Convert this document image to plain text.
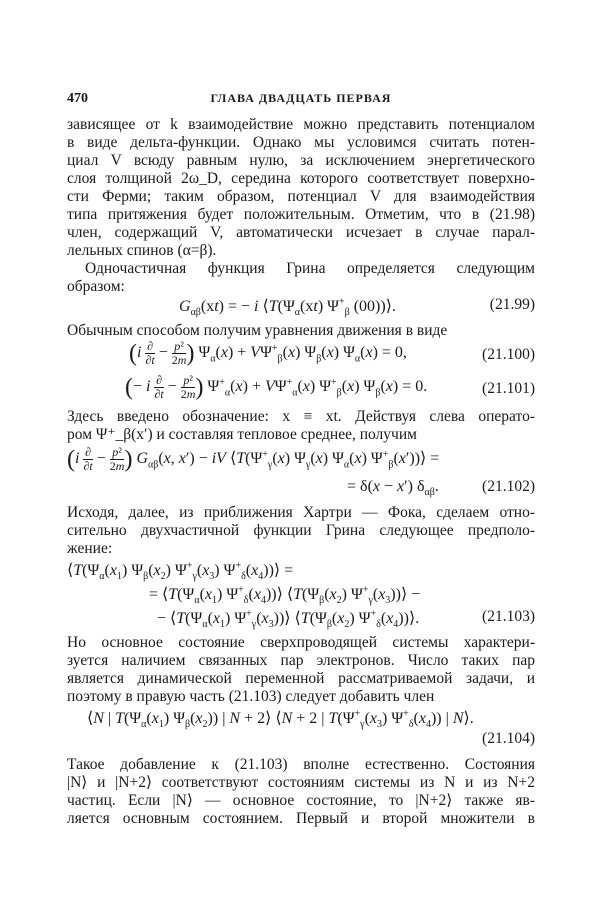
470	ГЛАВА ДВАДЦАТЬ ПЕРВАЯ
зависящее от k взаимодействие можно представить потенциалом
в виде дельта-функции. Однако мы условимся считать потен-
циал V всюду равным нулю, за исключением энергетического
слоя толщиной 2ω_D, середина которого соответствует поверхно-
сти Ферми; таким образом, потенциал V для взаимодействия
типа притяжения будет положительным. Отметим, что в (21.98)
член, содержащий V, автоматически исчезает в случае парал-
лельных спинов (α=β).
Одночастичная функция Грина определяется следующим
образом:
$G_{\alpha\beta}(xt)$ = − i $⟨T(\Psi_\alpha(xt)$ $\Psi^+_\beta$ (00))⟩.	(21.99)
Обычным способом получим уравнения движения в виде
($i \frac{\partial}{\partial t} - \frac{\text{p²}}{2m}$ ) $\Psi_\alpha(x) + V\Psi^+_\beta(x)$ $\Psi_\beta(x) \Psi_\alpha(x) = 0$,	(21.100)
(− i $\frac{\partial}{\partial t} - \frac{\text{p²}}{2m}$ ) $\Psi^+_\alpha(x) + V\Psi^+_\alpha(x)$ $\Psi^+_\beta(x) \Psi_\beta(x) = 0$.	(21.101)
Здесь введено обозначение: x ≡ xt. Действуя слева операто-
ром Ψ⁺_β(x′) и составляя тепловое среднее, получим
($i \frac{\partial}{\partial t} - \frac{\text{p²}}{2m}$ ) $G_{\alpha\beta}(x$, x′) − iV $⟨T(\Psi^+_\gamma(x)$ $\Psi_\gamma(x)$ $\Psi_\alpha(x)$ $\Psi^+_\beta(x'))⟩$ =
= δ(x − x′) $\delta_{\alpha\beta}$.	(21.102)
Исходя, далее, из приближения Хартри — Фока, сделаем отно-
сительно двухчастичной функции Грина следующее предполо-
жение:
$⟨T(\Psi_\alpha(x_1)$ $\Psi_\beta(x_2)$ $\Psi^+_\gamma(x_3)$ $\Psi^+_\delta(x_4))⟩$ =
= $⟨T(\Psi_\alpha(x_1)$ $\Psi^+_\delta(x_4))⟩$ $⟨T(\Psi_\beta(x_2)$ $\Psi^+_\gamma(x_3))⟩$ −
− $⟨T(\Psi_\alpha(x_1)$ $\Psi^+_\gamma(x_3))⟩$ $⟨T(\Psi_\beta(x_2)$ $\Psi^+_\delta(x_4))⟩$.	(21.103)
Но основное состояние сверхпроводящей системы характери-
зуется наличием связанных пар электронов. Число таких пар
является динамической переменной рассматриваемой задачи, и
поэтому в правую часть (21.103) следует добавить член
⟨N | $T(\Psi_\alpha(x_1)$ $\Psi_\beta(x_2)$) | N + 2⟩ ⟨N + 2 | $T(\Psi^+_\gamma(x_3)$ $\Psi^+_\delta(x_4)$) | N⟩.
(21.104)
Такое добавление к (21.103) вполне естественно. Состояния
|N⟩ и |N+2⟩ соответствуют состояниям системы из N и из N+2
частиц. Если |N⟩ — основное состояние, то |N+2⟩ также яв-
ляется основным состоянием. Первый и второй множители в
